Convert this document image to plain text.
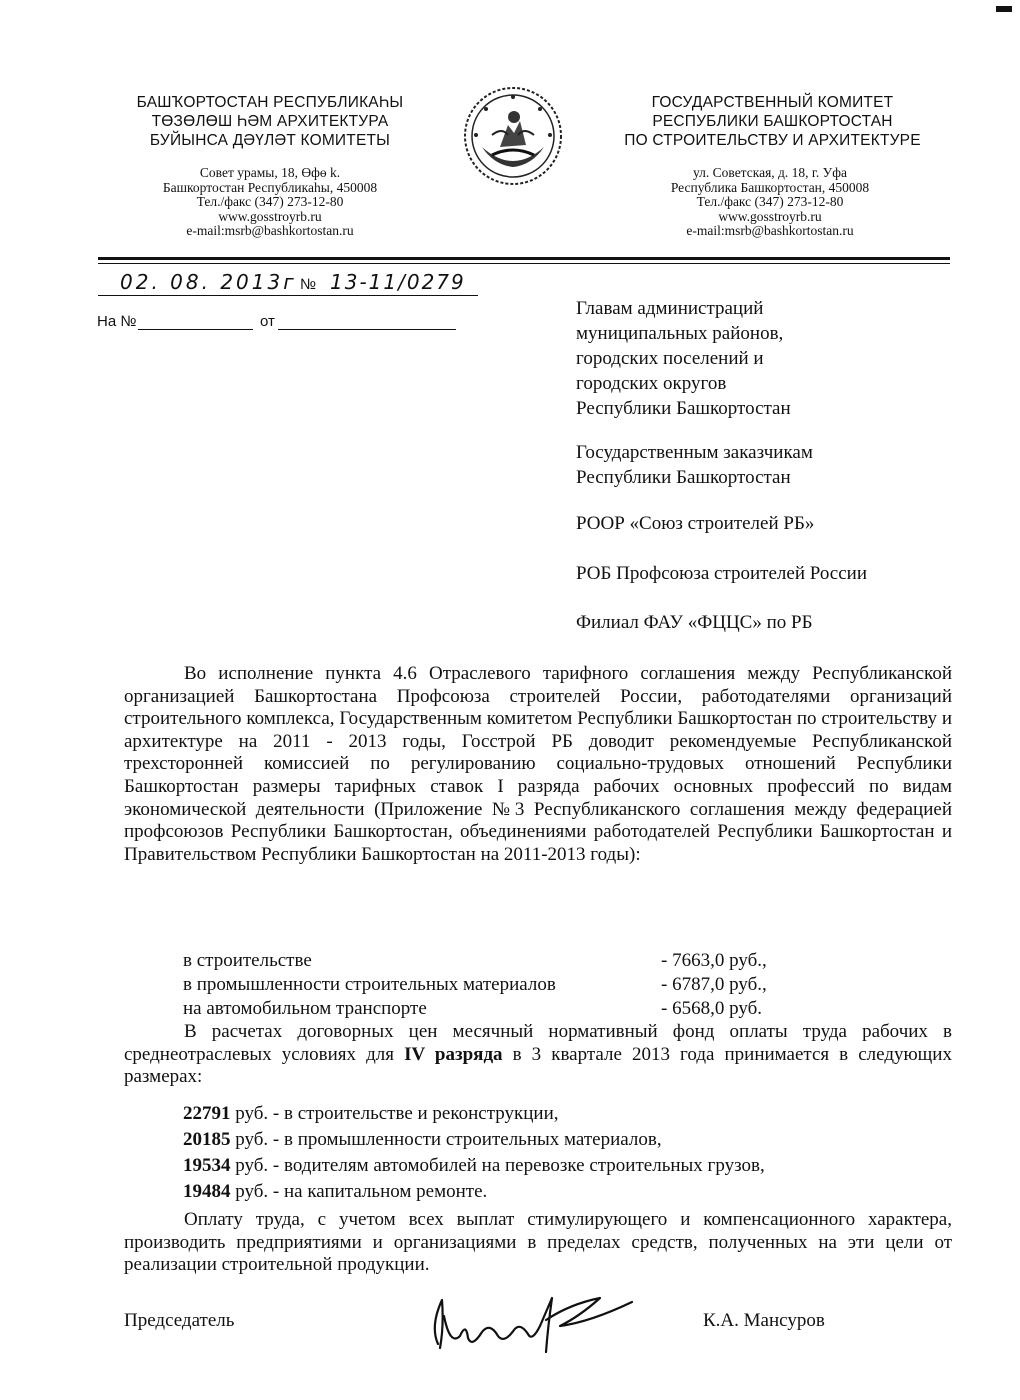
БАШҠОРТОСТАН РЕСПУБЛИКАҺЫ
ТӨЗӨЛӨШ ҺӘМ АРХИТЕКТУРА
БУЙЫНСА ДӘҮЛӘТ КОМИТЕТЫ
Совет урамы, 18, Өфө k.
Башкортостан Республикаһы, 450008
Тел./факс (347) 273-12-80
www.gosstroyrb.ru
e-mail:msrb@bashkortostan.ru
ГОСУДАРСТВЕННЫЙ КОМИТЕТ
РЕСПУБЛИКИ БАШКОРТОСТАН
ПО СТРОИТЕЛЬСТВУ И АРХИТЕКТУРЕ
ул. Советская, д. 18, г. Уфа
Республика Башкортостан, 450008
Тел./факс (347) 273-12-80
www.gosstroyrb.ru
e-mail:msrb@bashkortostan.ru
02. 08. 2013г № 13-11/0279
На №	от
Главам администраций
муниципальных районов,
городских поселений и
городских округов
Республики Башкортостан
Государственным заказчикам
Республики Башкортостан
РООР «Союз строителей РБ»
РОБ Профсоюза строителей России
Филиал ФАУ «ФЦЦС» по РБ

Во исполнение пункта 4.6 Отраслевого тарифного соглашения между Республиканской организацией Башкортостана Профсоюза строителей России, работодателями организаций строительного комплекса, Государственным комитетом Республики Башкортостан по строительству и архитектуре на 2011 - 2013 годы, Госстрой РБ доводит рекомендуемые Республиканской трехсторонней комиссией по регулированию социально-трудовых отношений Республики Башкортостан размеры тарифных ставок I разряда рабочих основных профессий по видам экономической деятельности (Приложение №3 Республиканского соглашения между федерацией профсоюзов Республики Башкортостан, объединениями работодателей Республики Башкортостан и Правительством Республики Башкортостан на 2011-2013 годы):

в строительстве	- 7663,0 руб.,
в промышленности строительных материалов	- 6787,0 руб.,
на автомобильном транспорте	- 6568,0 руб.

В расчетах договорных цен месячный нормативный фонд оплаты труда рабочих в среднеотраслевых условиях для IV разряда в 3 квартале 2013 года принимается в следующих размерах:

22791 руб. - в строительстве и реконструкции,
20185 руб. - в промышленности строительных материалов,
19534 руб. - водителям автомобилей на перевозке строительных грузов,
19484 руб. - на капитальном ремонте.

Оплату труда, с учетом всех выплат стимулирующего и компенсационного характера, производить предприятиями и организациями в пределах средств, полученных на эти цели от реализации строительной продукции.

Председатель	К.А. Мансуров
